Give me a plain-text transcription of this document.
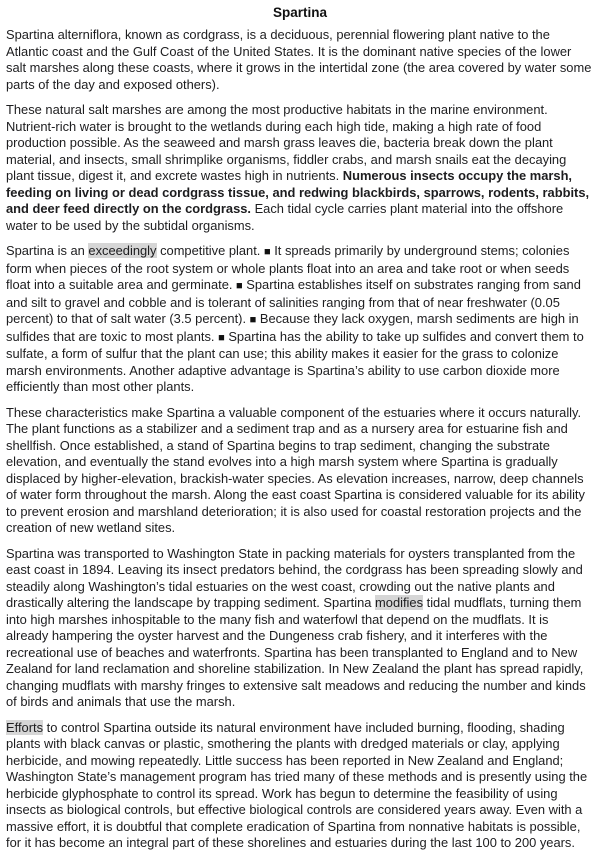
Spartina

Spartina alterniflora, known as cordgrass, is a deciduous, perennial flowering plant native to the Atlantic coast and the Gulf Coast of the United States. It is the dominant native species of the lower salt marshes along these coasts, where it grows in the intertidal zone (the area covered by water some parts of the day and exposed others).

These natural salt marshes are among the most productive habitats in the marine environment. Nutrient-rich water is brought to the wetlands during each high tide, making a high rate of food production possible. As the seaweed and marsh grass leaves die, bacteria break down the plant material, and insects, small shrimplike organisms, fiddler crabs, and marsh snails eat the decaying plant tissue, digest it, and excrete wastes high in nutrients. Numerous insects occupy the marsh, feeding on living or dead cordgrass tissue, and redwing blackbirds, sparrows, rodents, rabbits, and deer feed directly on the cordgrass. Each tidal cycle carries plant material into the offshore water to be used by the subtidal organisms.

Spartina is an exceedingly competitive plant. ■ It spreads primarily by underground stems; colonies form when pieces of the root system or whole plants float into an area and take root or when seeds float into a suitable area and germinate. ■ Spartina establishes itself on substrates ranging from sand and silt to gravel and cobble and is tolerant of salinities ranging from that of near freshwater (0.05 percent) to that of salt water (3.5 percent). ■ Because they lack oxygen, marsh sediments are high in sulfides that are toxic to most plants. ■ Spartina has the ability to take up sulfides and convert them to sulfate, a form of sulfur that the plant can use; this ability makes it easier for the grass to colonize marsh environments. Another adaptive advantage is Spartina’s ability to use carbon dioxide more efficiently than most other plants.

These characteristics make Spartina a valuable component of the estuaries where it occurs naturally. The plant functions as a stabilizer and a sediment trap and as a nursery area for estuarine fish and shellfish. Once established, a stand of Spartina begins to trap sediment, changing the substrate elevation, and eventually the stand evolves into a high marsh system where Spartina is gradually displaced by higher-elevation, brackish-water species. As elevation increases, narrow, deep channels of water form throughout the marsh. Along the east coast Spartina is considered valuable for its ability to prevent erosion and marshland deterioration; it is also used for coastal restoration projects and the creation of new wetland sites.

Spartina was transported to Washington State in packing materials for oysters transplanted from the east coast in 1894. Leaving its insect predators behind, the cordgrass has been spreading slowly and steadily along Washington’s tidal estuaries on the west coast, crowding out the native plants and drastically altering the landscape by trapping sediment. Spartina modifies tidal mudflats, turning them into high marshes inhospitable to the many fish and waterfowl that depend on the mudflats. It is already hampering the oyster harvest and the Dungeness crab fishery, and it interferes with the recreational use of beaches and waterfronts. Spartina has been transplanted to England and to New Zealand for land reclamation and shoreline stabilization. In New Zealand the plant has spread rapidly, changing mudflats with marshy fringes to extensive salt meadows and reducing the number and kinds of birds and animals that use the marsh.

Efforts to control Spartina outside its natural environment have included burning, flooding, shading plants with black canvas or plastic, smothering the plants with dredged materials or clay, applying herbicide, and mowing repeatedly. Little success has been reported in New Zealand and England; Washington State’s management program has tried many of these methods and is presently using the herbicide glyphosphate to control its spread. Work has begun to determine the feasibility of using insects as biological controls, but effective biological controls are considered years away. Even with a massive effort, it is doubtful that complete eradication of Spartina from nonnative habitats is possible, for it has become an integral part of these shorelines and estuaries during the last 100 to 200 years.
